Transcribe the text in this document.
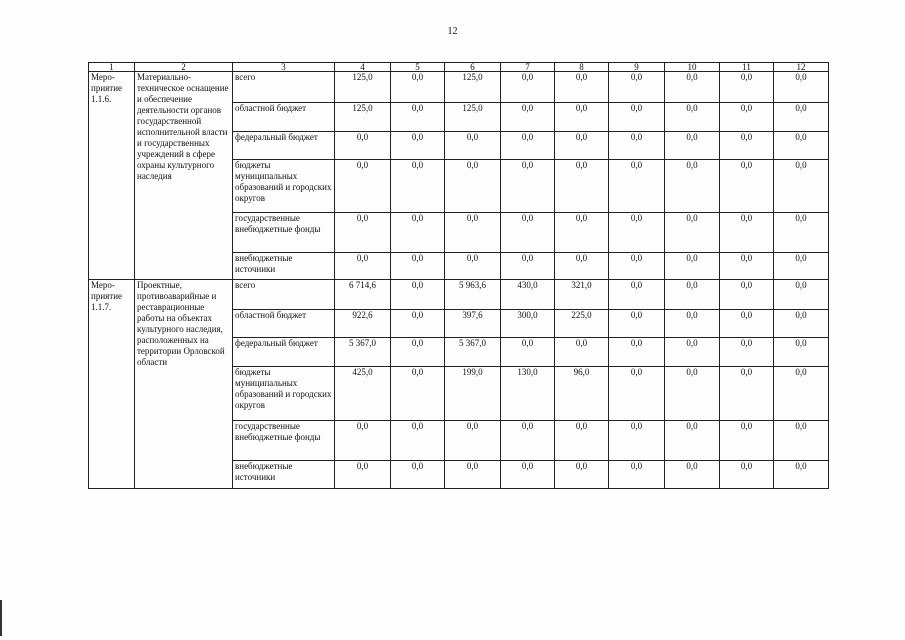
12
1	2	3	4	5	6	7	8	9	10	11	12
Меро-приятие 1.1.6.	Материально-техническое оснащение и обеспечение деятельности органов государственной исполнительной власти и государственных учреждений в сфере охраны культурного наследия	всего	125,0	0,0	125,0	0,0	0,0	0,0	0,0	0,0	0,0
		областной бюджет	125,0	0,0	125,0	0,0	0,0	0,0	0,0	0,0	0,0
		федеральный бюджет	0,0	0,0	0,0	0,0	0,0	0,0	0,0	0,0	0,0
		бюджеты муниципальных образований и городских округов	0,0	0,0	0,0	0,0	0,0	0,0	0,0	0,0	0,0
		государственные внебюджетные фонды	0,0	0,0	0,0	0,0	0,0	0,0	0,0	0,0	0,0
		внебюджетные источники	0,0	0,0	0,0	0,0	0,0	0,0	0,0	0,0	0,0
Меро-приятие 1.1.7.	Проектные, противоаварийные и реставрационные работы на объектах культурного наследия, расположенных на территории Орловской области	всего	6 714,6	0,0	5 963,6	430,0	321,0	0,0	0,0	0,0	0,0
		областной бюджет	922,6	0,0	397,6	300,0	225,0	0,0	0,0	0,0	0,0
		федеральный бюджет	5 367,0	0,0	5 367,0	0,0	0,0	0,0	0,0	0,0	0,0
		бюджеты муниципальных образований и городских округов	425,0	0,0	199,0	130,0	96,0	0,0	0,0	0,0	0,0
		государственные внебюджетные фонды	0,0	0,0	0,0	0,0	0,0	0,0	0,0	0,0	0,0
		внебюджетные источники	0,0	0,0	0,0	0,0	0,0	0,0	0,0	0,0	0,0
